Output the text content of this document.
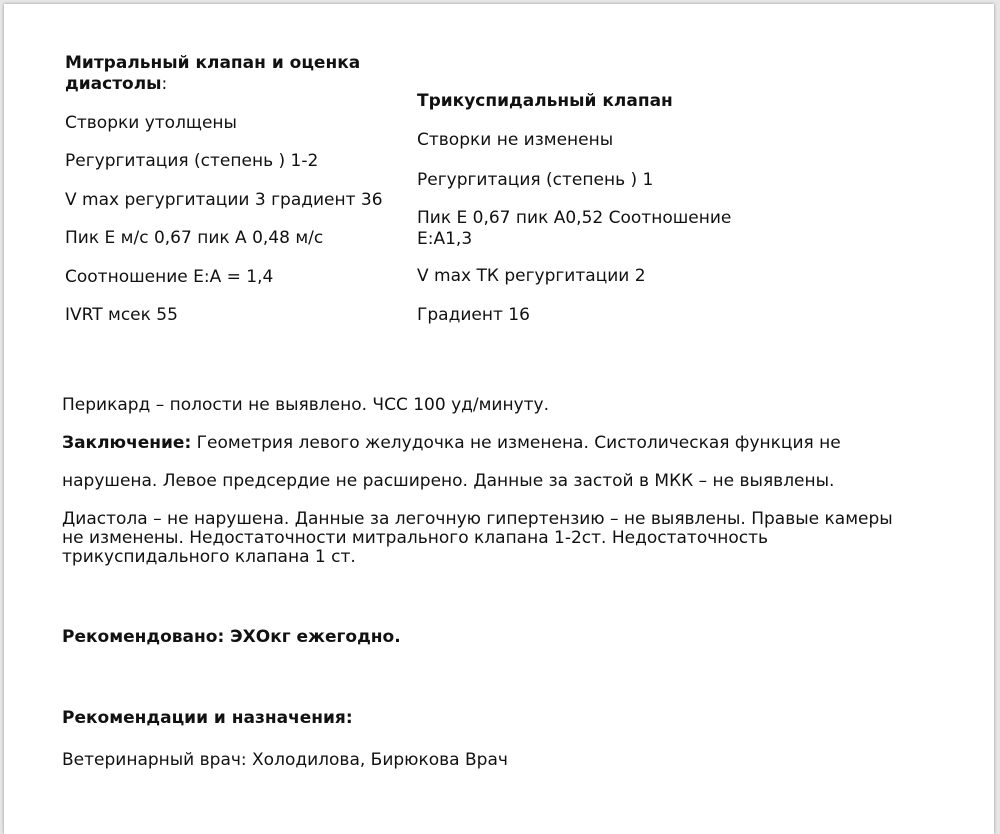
Митральный клапан и оценка
диастолы:
Створки утолщены
Регургитация (степень ) 1-2
V max регургитации 3 градиент 36
Пик E м/с 0,67 пик A 0,48 м/с
Соотношение E:A = 1,4
IVRT мсек 55
Трикуспидальный клапан
Створки не изменены
Регургитация (степень ) 1
Пик E 0,67 пик A0,52 Соотношение
E:A1,3
V max ТК регургитации 2
Градиент 16
Перикард – полости не выявлено. ЧСС 100 уд/минуту.
Заключение: Геометрия левого желудочка не изменена. Систолическая функция не
нарушена. Левое предсердие не расширено. Данные за застой в МКК – не выявлены.
Диастола – не нарушена. Данные за легочную гипертензию – не выявлены. Правые камеры
не изменены. Недостаточности митрального клапана 1-2ст. Недостаточность
трикуспидального клапана 1 ст.
Рекомендовано: ЭХОкг ежегодно.
Рекомендации и назначения:
Ветеринарный врач: Холодилова, Бирюкова Врач
